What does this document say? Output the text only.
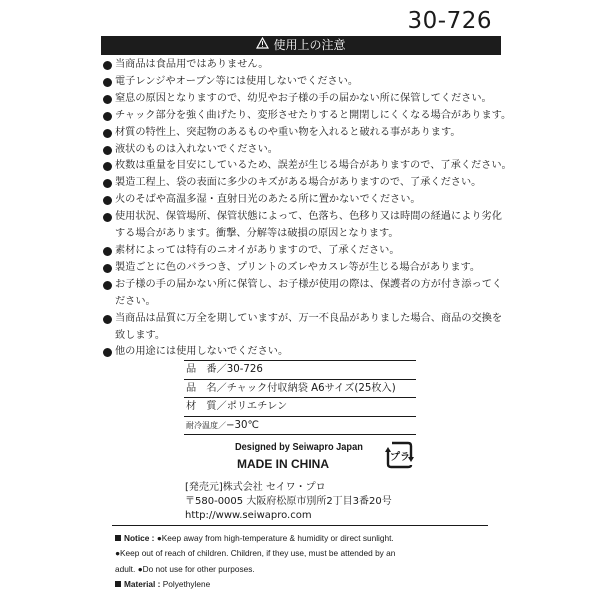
30-726
使用上の注意
当商品は食品用ではありません。
電子レンジやオーブン等には使用しないでください。
窒息の原因となりますので、幼児やお子様の手の届かない所に保管してください。
チャック部分を強く曲げたり、変形させたりすると開閉しにくくなる場合があります。
材質の特性上、突起物のあるものや重い物を入れると破れる事があります。
液状のものは入れないでください。
枚数は重量を目安にしているため、誤差が生じる場合がありますので、了承ください。
製造工程上、袋の表面に多少のキズがある場合がありますので、了承ください。
火のそばや高温多湿・直射日光のあたる所に置かないでください。
使用状況、保管場所、保管状態によって、色落ち、色移り又は時間の経過により劣化する場合があります。衝撃、分解等は破損の原因となります。
素材によっては特有のニオイがありますので、了承ください。
製造ごとに色のバラつき、プリントのズレやカスレ等が生じる場合があります。
お子様の手の届かない所に保管し、お子様が使用の際は、保護者の方が付き添ってください。
当商品は品質に万全を期していますが、万一不良品がありました場合、商品の交換を致します。
他の用途には使用しないでください。
品　番／30-726
品　名／チャック付収納袋 A6サイズ(25枚入)
材　質／ポリエチレン
耐冷温度／−30℃
Designed by Seiwapro Japan
MADE IN CHINA	プラ
[発売元]株式会社 セイワ・プロ
〒580-0005 大阪府松原市別所2丁目3番20号
http://www.seiwapro.com
Notice : ●Keep away from high-temperature & humidity or direct sunlight.
●Keep out of reach of children. Children, if they use, must be attended by an
adult. ●Do not use for other purposes.
Material : Polyethylene
